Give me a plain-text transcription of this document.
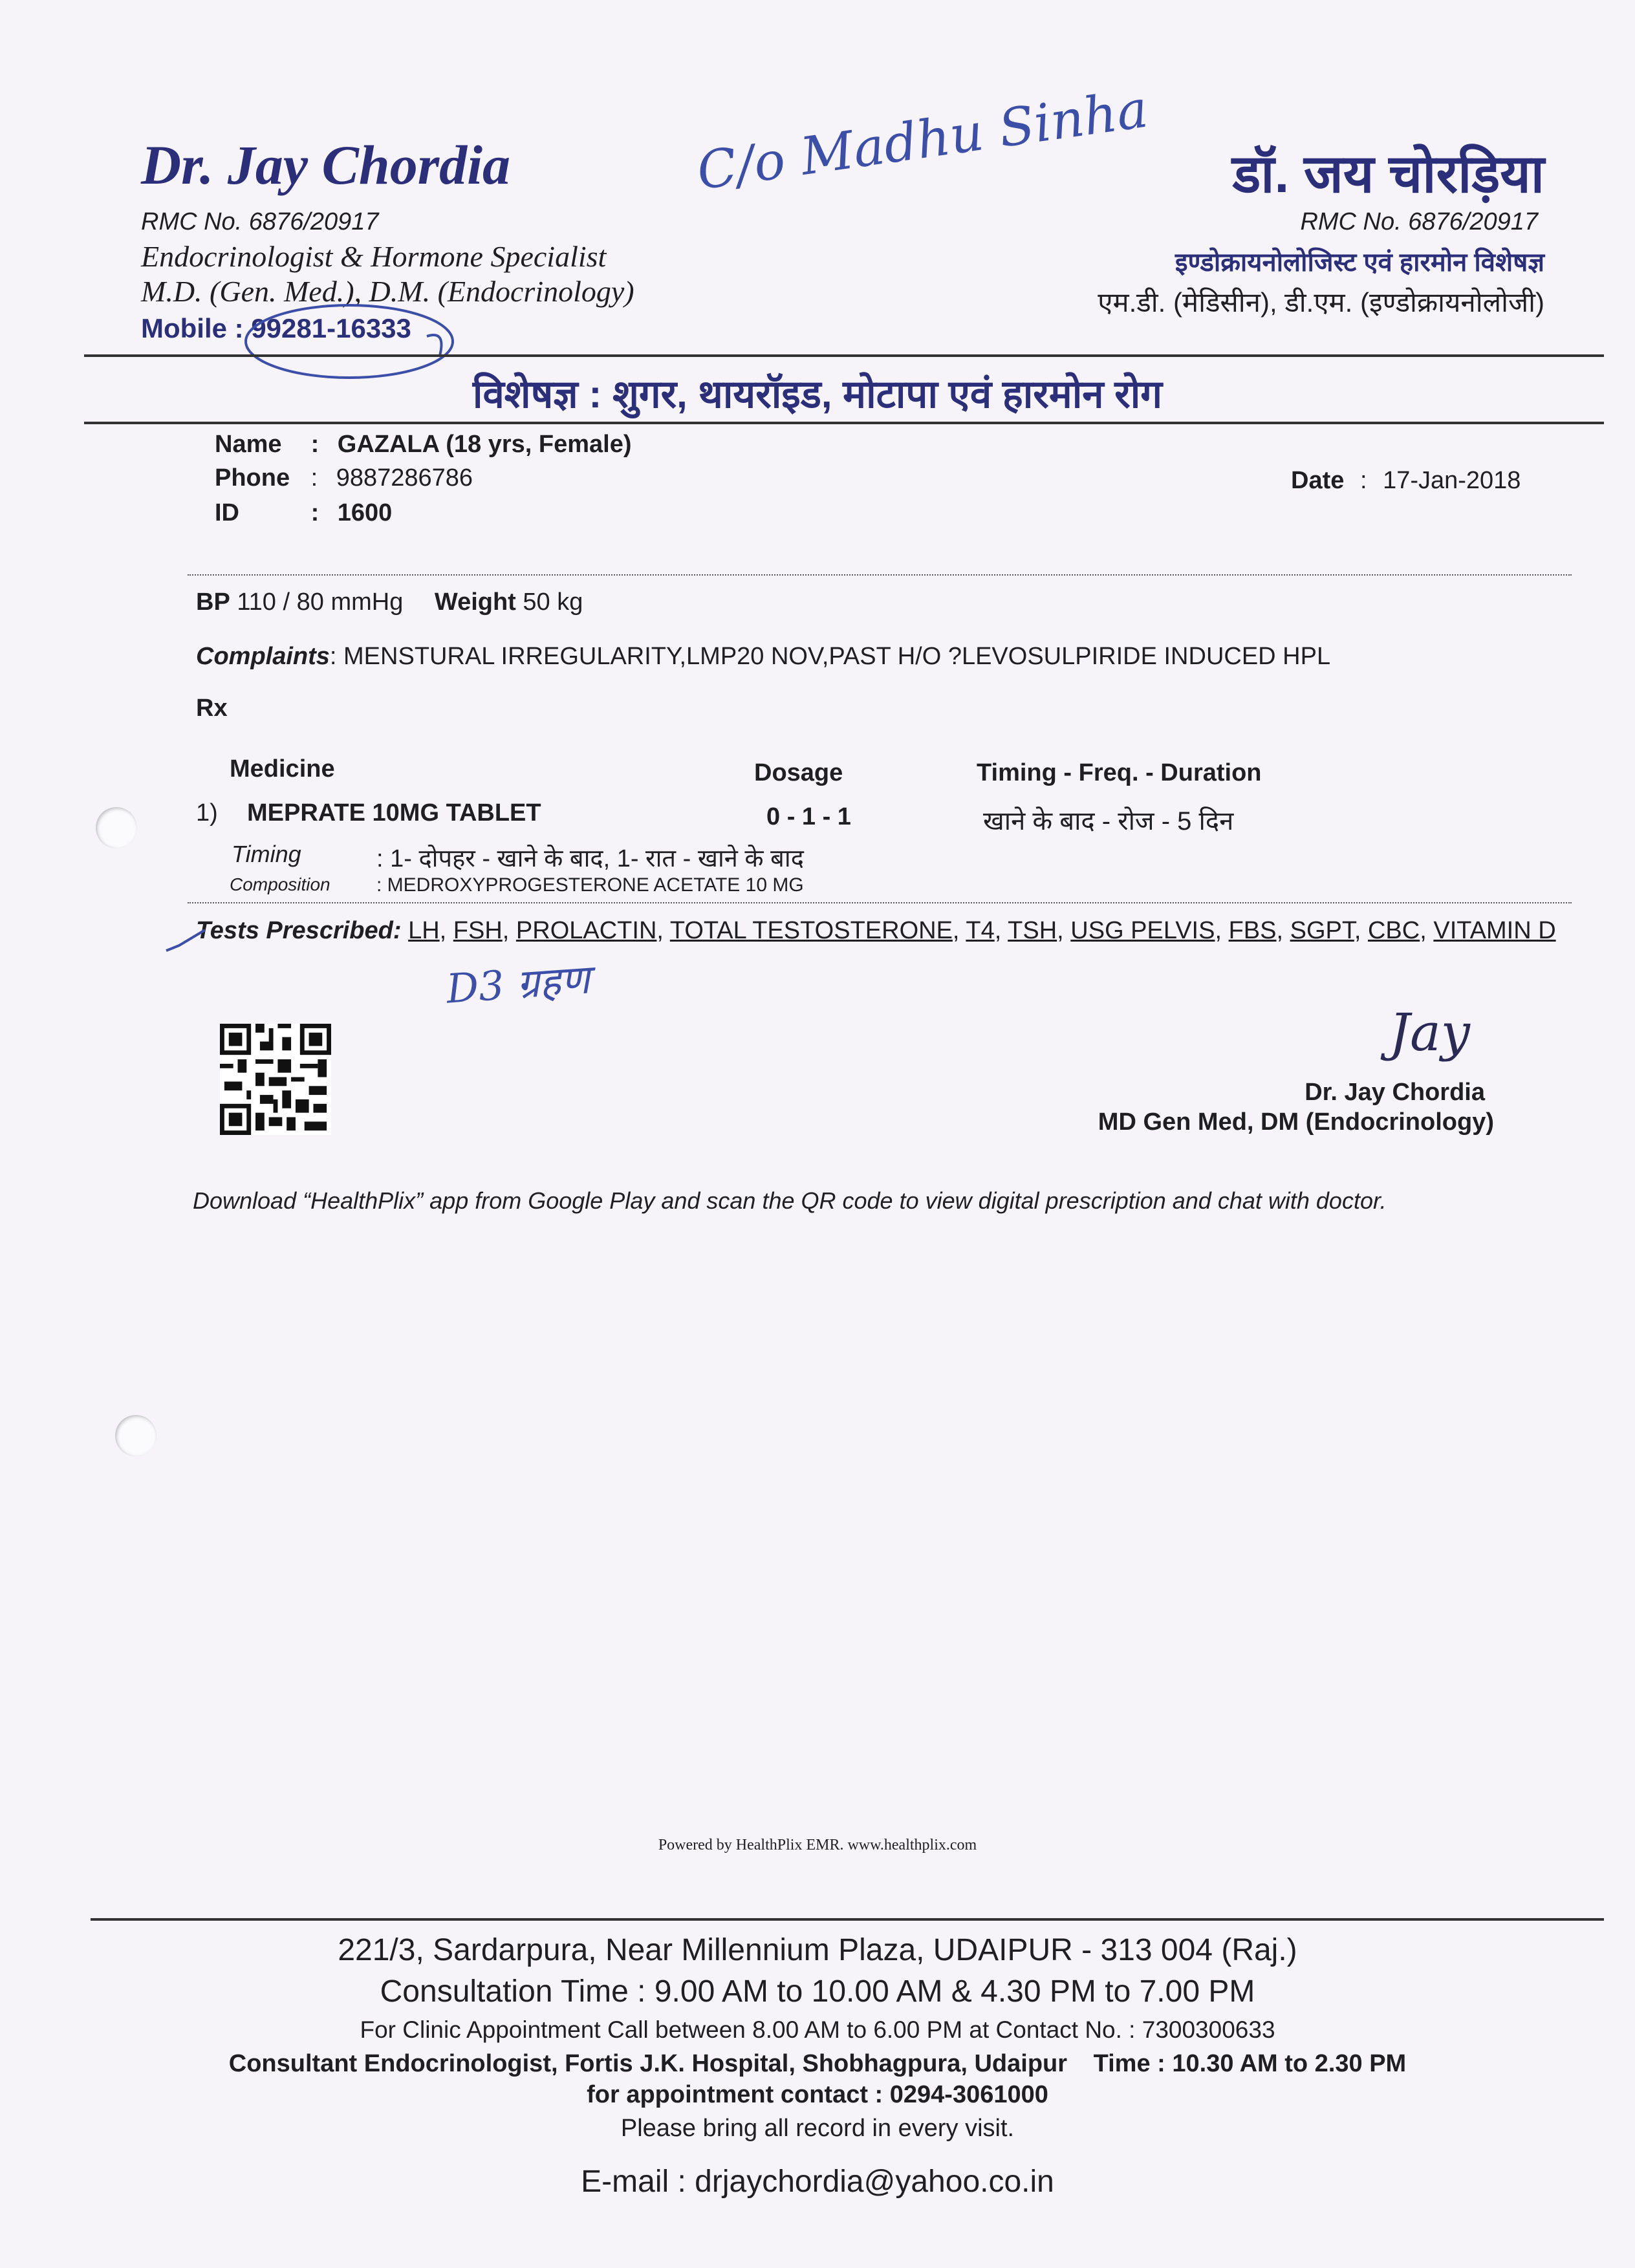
Dr. Jay Chordia
RMC No. 6876/20917
Endocrinologist & Hormone Specialist
M.D. (Gen. Med.), D.M. (Endocrinology)
Mobile : 99281-16333
C/o Madhu Sinha डॉ. जय चोरड़िया
RMC No. 6876/20917
इण्डोक्रायनोलोजिस्ट एवं हारमोन विशेषज्ञ
एम.डी. (मेडिसीन), डी.एम. (इण्डोक्रायनोलोजी)
विशेषज्ञ : शुगर, थायरॉइड, मोटापा एवं हारमोन रोग
Name : GAZALA (18 yrs, Female)
Phone : 9887286786
ID	: 1600
Date : 17-Jan-2018
BP 110 / 80 mmHg Weight 50 kg
Complaints: MENSTURAL IRREGULARITY,LMP20 NOV,PAST H/O ?LEVOSULPIRIDE INDUCED HPL
Rx
Medicine	Dosage	Timing - Freq. - Duration
1) MEPRATE 10MG TABLET	0 - 1 - 1	खाने के बाद - रोज - 5 दिन
Timing	: 1- दोपहर - खाने के बाद, 1- रात - खाने के बाद
Composition : MEDROXYPROGESTERONE ACETATE 10 MG
Tests Prescribed: LH, FSH, PROLACTIN, TOTAL TESTOSTERONE, T4, TSH, USG PELVIS, FBS, SGPT, CBC, VITAMIN D
D3 ग्रहण
Jay
Dr. Jay Chordia
MD Gen Med, DM (Endocrinology)
Download “HealthPlix” app from Google Play and scan the QR code to view digital prescription and chat with doctor.
Powered by HealthPlix EMR. www.healthplix.com
221/3, Sardarpura, Near Millennium Plaza, UDAIPUR - 313 004 (Raj.)
Consultation Time : 9.00 AM to 10.00 AM & 4.30 PM to 7.00 PM
For Clinic Appointment Call between 8.00 AM to 6.00 PM at Contact No. : 7300300633
Consultant Endocrinologist, Fortis J.K. Hospital, Shobhagpura, Udaipur Time : 10.30 AM to 2.30 PM
for appointment contact : 0294-3061000
Please bring all record in every visit.
E-mail : drjaychordia@yahoo.co.in
